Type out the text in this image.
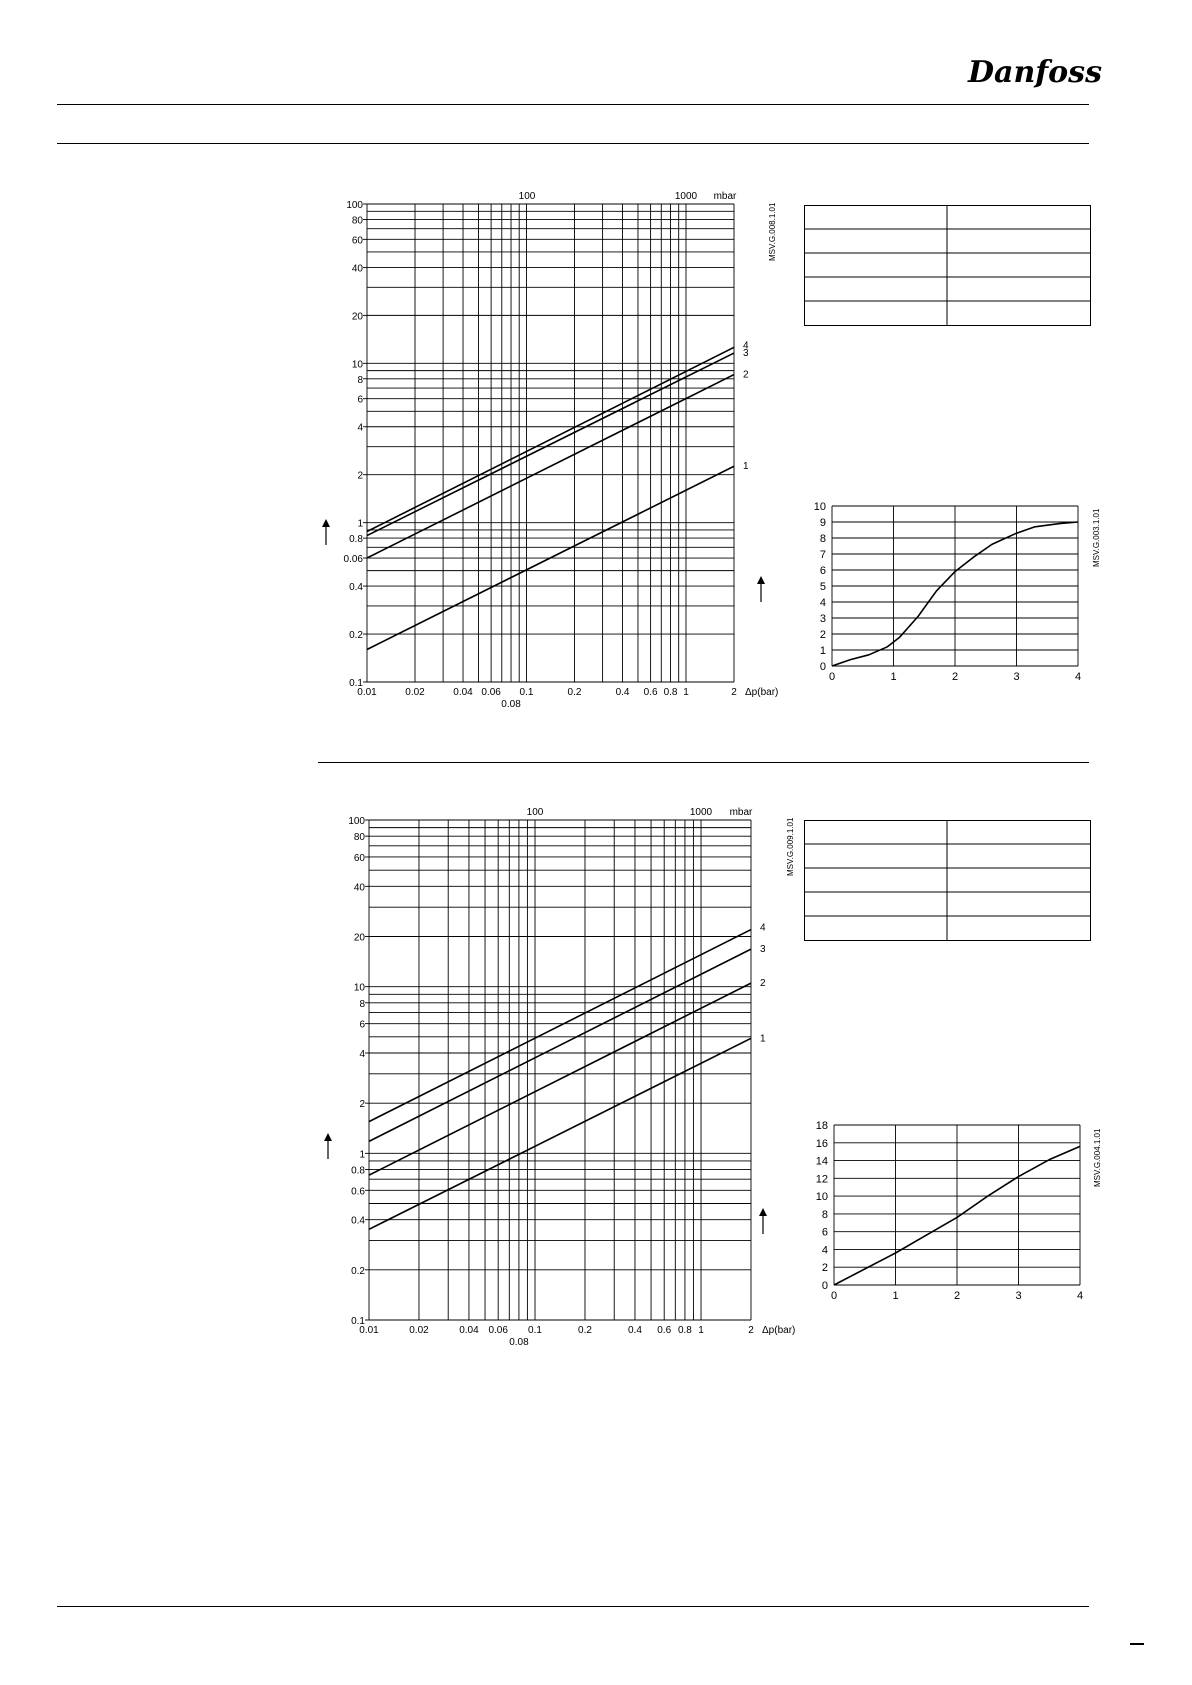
Danfoss
100
80
60
40
20
10
8
6
4
2
1
0.8
0.06
0.4
0.2
0.1
0.01	0.02	0.04 0.06 0.1	0.2	0.4 0.6 0.8 1	2
0.08
Δp(bar)
100	1000 mbar
MSV.G.008.1.01
1
2
3
4
100
80
60
40
20
10
8
6
4
2
1
0.8
0.6
0.4
0.2
0.1
0.01	0.02	0.04 0.06 0.1	0.2	0.4 0.6 0.8 1	2
0.08
Δp(bar)
100	1000 mbar
MSV.G.009.1.01
1
2
3
4
10
9
8
7
6
5
4
3
2
1
0
0	1	2	3	4
MSV.G.003.1.01
18
16
14
12
10
8
6
4
2
0
0	1	2	3	4
MSV.G.004.1.01
